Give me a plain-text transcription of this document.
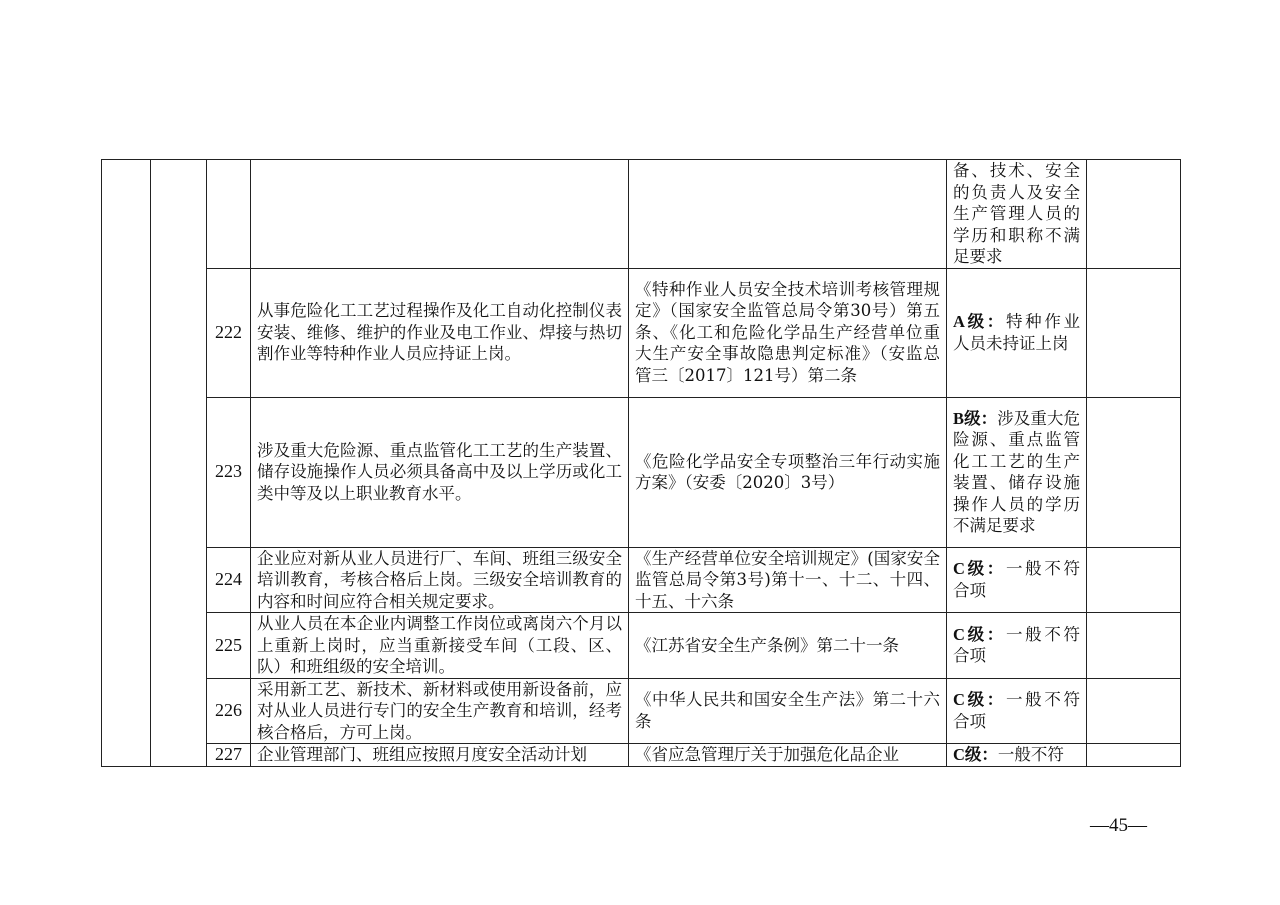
					备、技术、安全的负责人及安全生产管理人员的学历和职称不满足要求	
		222	从事危险化工工艺过程操作及化工自动化控制仪表安装、维修、维护的作业及电工作业、焊接与热切割作业等特种作业人员应持证上岗。	《特种作业人员安全技术培训考核管理规定》（国家安全监管总局令第30号）第五条、《化工和危险化学品生产经营单位重大生产安全事故隐患判定标准》（安监总管三〔2017〕121号）第二条	A级：特种作业人员未持证上岗	
		223	涉及重大危险源、重点监管化工工艺的生产装置、储存设施操作人员必须具备高中及以上学历或化工类中等及以上职业教育水平。	《危险化学品安全专项整治三年行动实施方案》（安委〔2020〕3号）	B级：涉及重大危险源、重点监管化工工艺的生产装置、储存设施操作人员的学历不满足要求	
		224	企业应对新从业人员进行厂、车间、班组三级安全培训教育，考核合格后上岗。三级安全培训教育的内容和时间应符合相关规定要求。	《生产经营单位安全培训规定》(国家安全监管总局令第3号)第十一、十二、十四、十五、十六条	C级：一般不符合项	
		225	从业人员在本企业内调整工作岗位或离岗六个月以上重新上岗时，应当重新接受车间（工段、区、队）和班组级的安全培训。	《江苏省安全生产条例》第二十一条	C级：一般不符合项	
		226	采用新工艺、新技术、新材料或使用新设备前，应对从业人员进行专门的安全生产教育和培训，经考核合格后，方可上岗。	《中华人民共和国安全生产法》第二十六条	C级：一般不符合项	
		227	企业管理部门、班组应按照月度安全活动计划	《省应急管理厅关于加强危化品企业	C级：一般不符	
—45—
